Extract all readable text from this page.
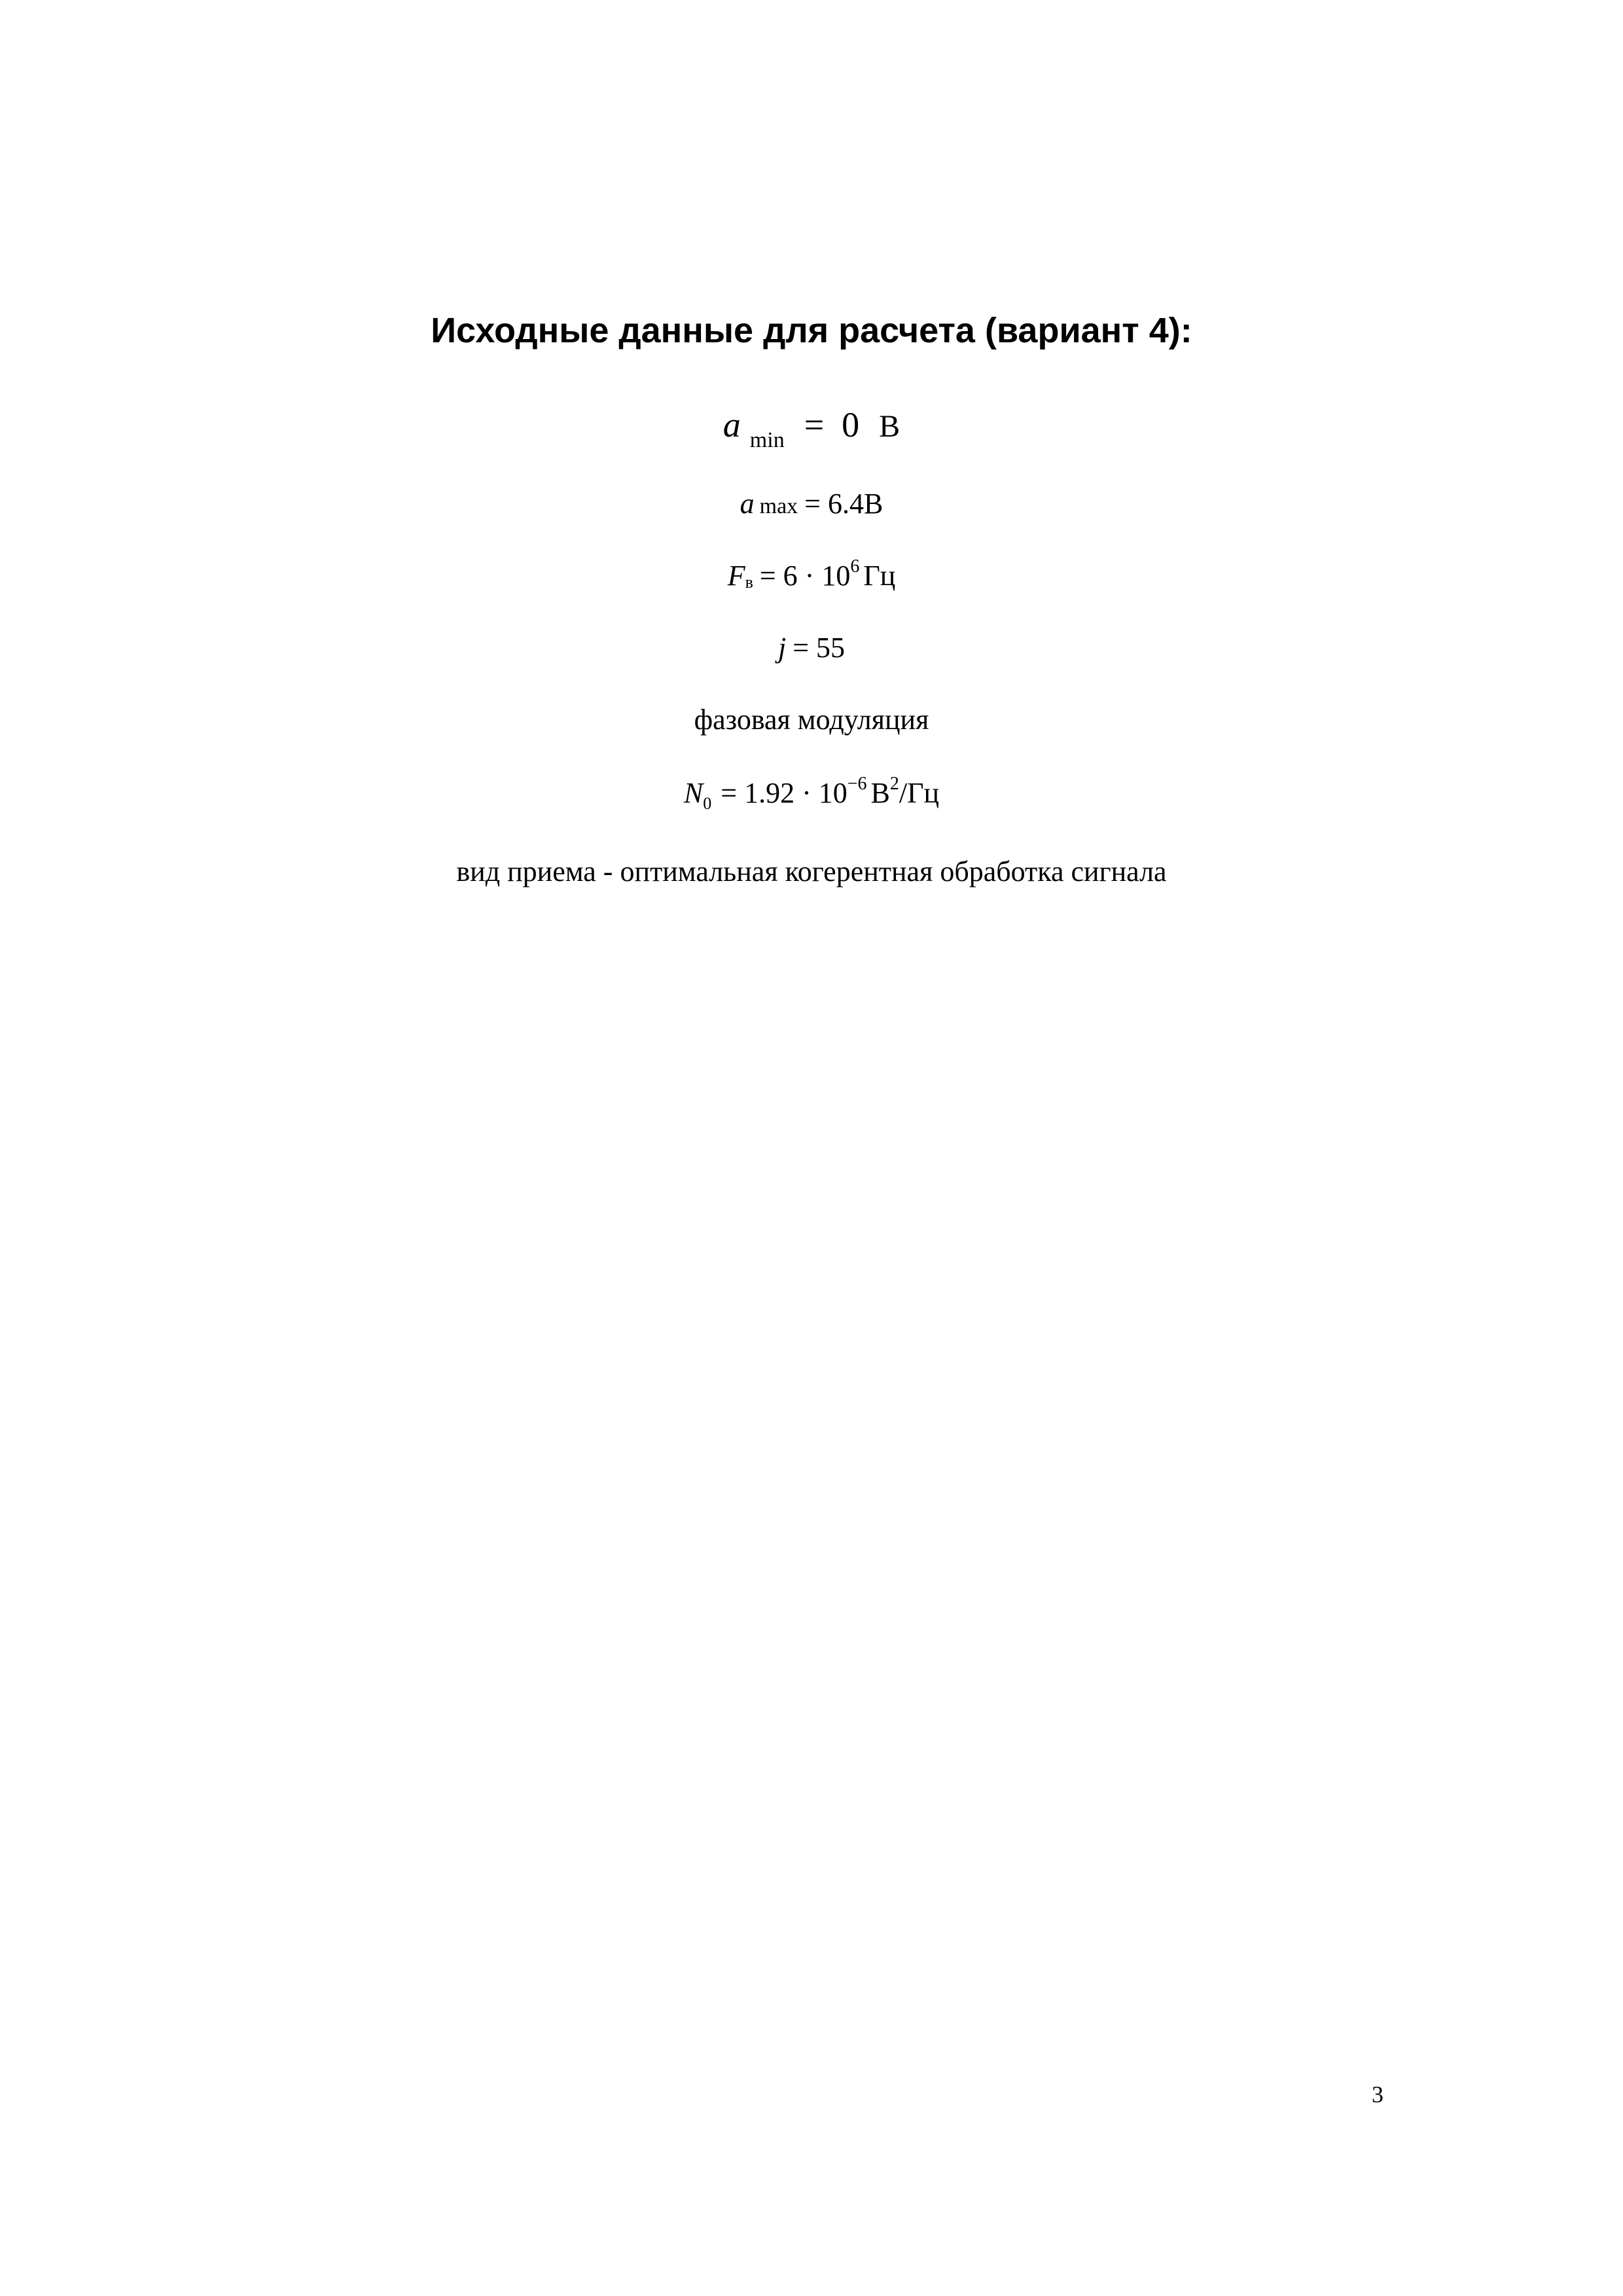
Исходные данные для расчета (вариант 4):
a $_{min}$ =  0 В
a max = 6.4В
Fв = $6 \cdot 10^6$ Гц
j = 55
фазовая модуляция
$N_0 = 1.92 \cdot 10^{-6}$ $В^2/Гц$
вид приема - оптимальная когерентная обработка сигнала
3
